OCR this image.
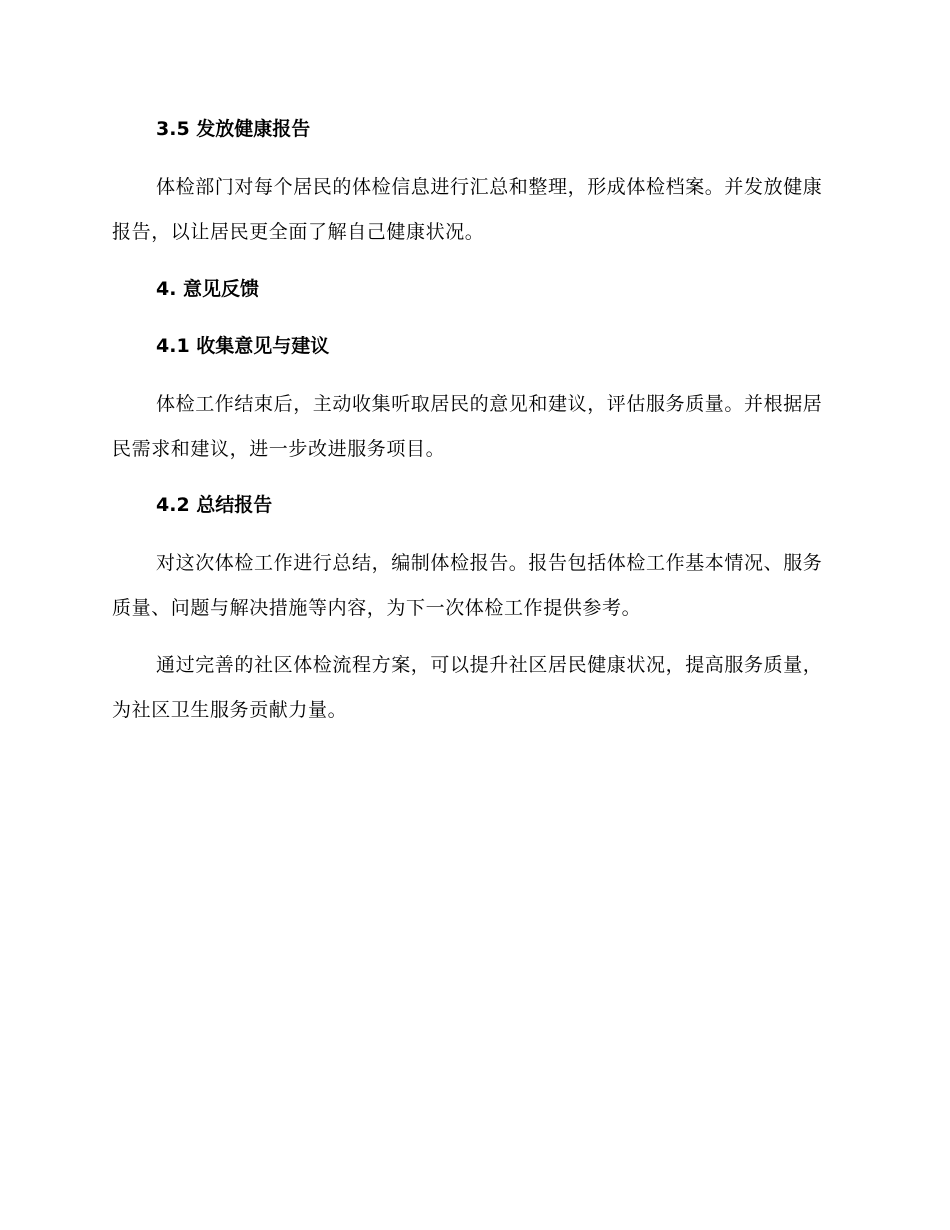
3.5 发放健康报告
体检部门对每个居民的体检信息进行汇总和整理，形成体检档案。并发放健康报告，以让居民更全面了解自己健康状况。
4. 意见反馈
4.1 收集意见与建议
体检工作结束后，主动收集听取居民的意见和建议，评估服务质量。并根据居民需求和建议，进一步改进服务项目。
4.2 总结报告
对这次体检工作进行总结，编制体检报告。报告包括体检工作基本情况、服务质量、问题与解决措施等内容，为下一次体检工作提供参考。
通过完善的社区体检流程方案，可以提升社区居民健康状况，提高服务质量，为社区卫生服务贡献力量。
